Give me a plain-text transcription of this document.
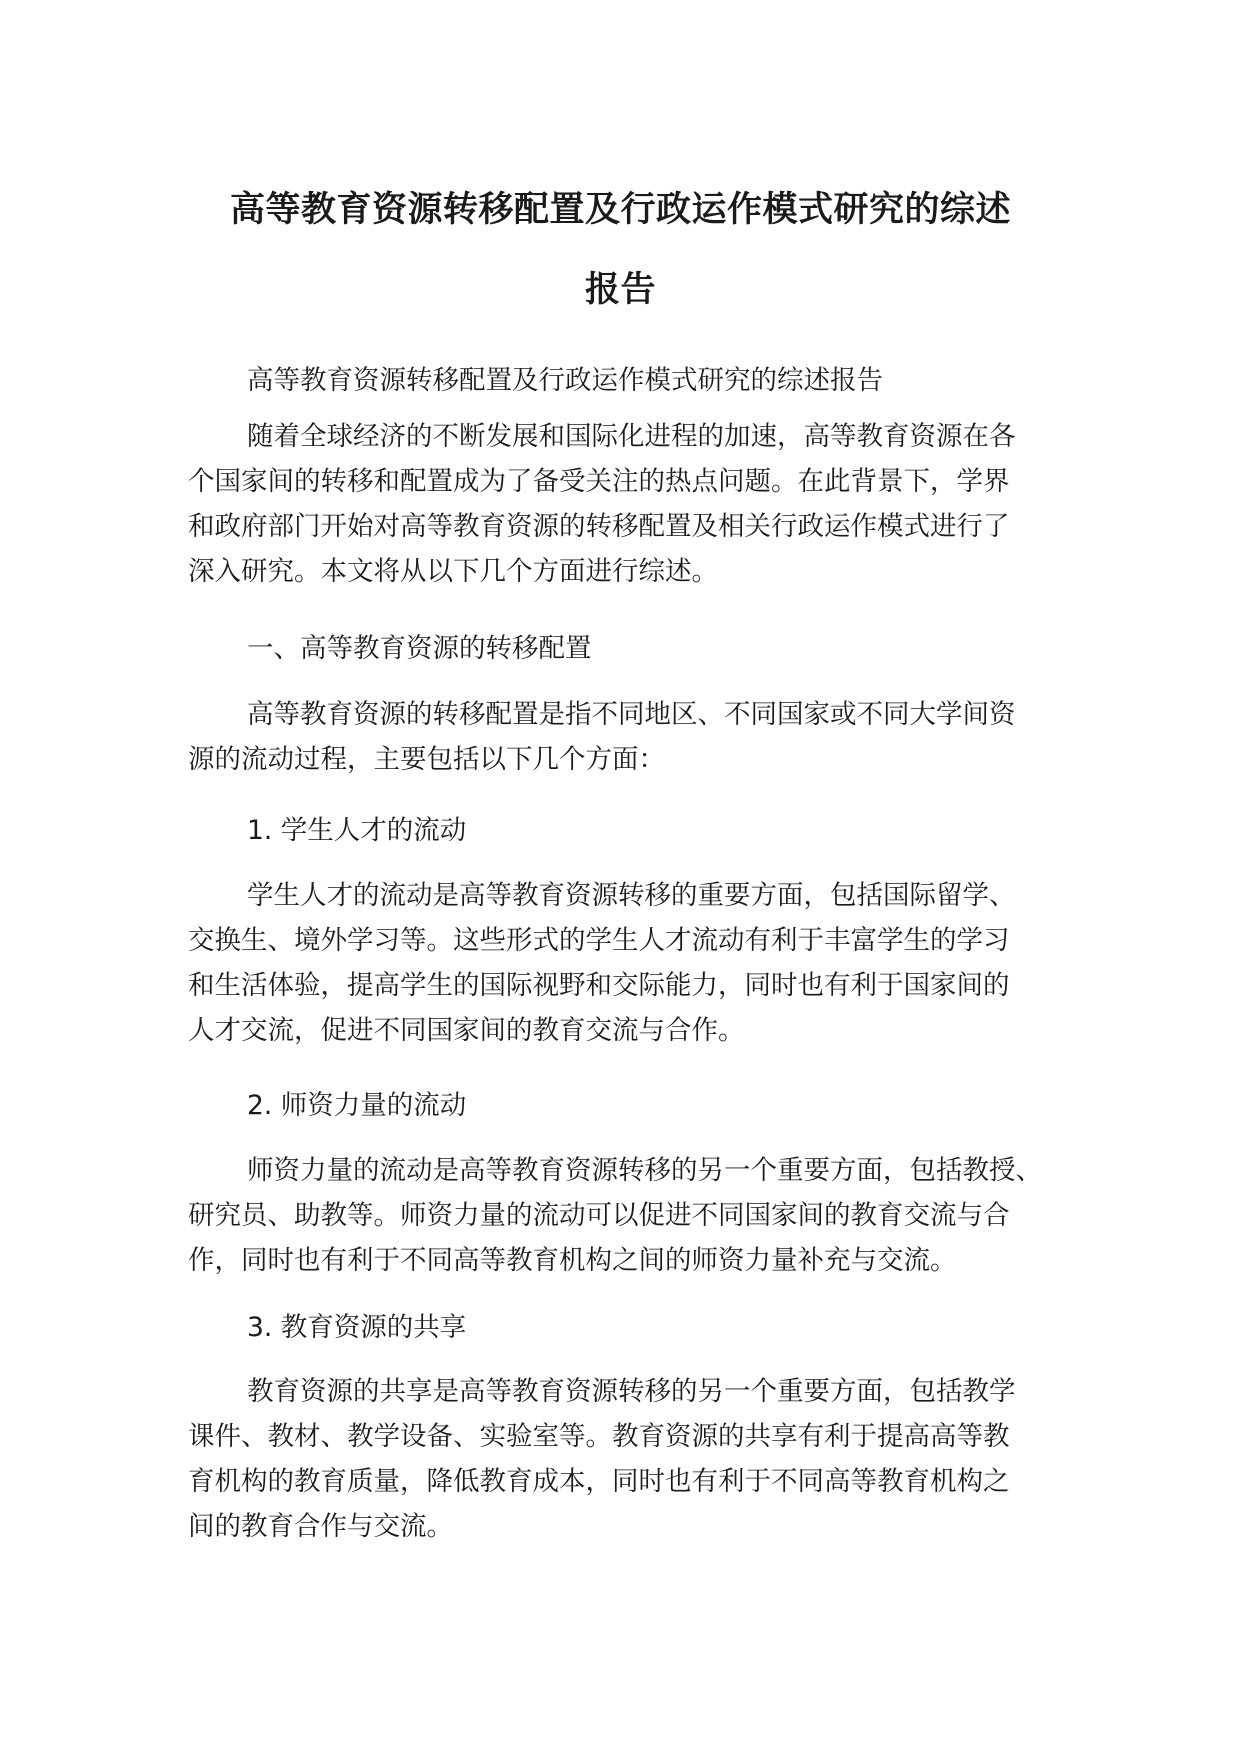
高等教育资源转移配置及行政运作模式研究的综述
报告
高等教育资源转移配置及行政运作模式研究的综述报告
随着全球经济的不断发展和国际化进程的加速，高等教育资源在各
个国家间的转移和配置成为了备受关注的热点问题。在此背景下，学界
和政府部门开始对高等教育资源的转移配置及相关行政运作模式进行了
深入研究。本文将从以下几个方面进行综述。
一、高等教育资源的转移配置
高等教育资源的转移配置是指不同地区、不同国家或不同大学间资
源的流动过程，主要包括以下几个方面：
1. 学生人才的流动
学生人才的流动是高等教育资源转移的重要方面，包括国际留学、
交换生、境外学习等。这些形式的学生人才流动有利于丰富学生的学习
和生活体验，提高学生的国际视野和交际能力，同时也有利于国家间的
人才交流，促进不同国家间的教育交流与合作。
2. 师资力量的流动
师资力量的流动是高等教育资源转移的另一个重要方面，包括教授、
研究员、助教等。师资力量的流动可以促进不同国家间的教育交流与合
作，同时也有利于不同高等教育机构之间的师资力量补充与交流。
3. 教育资源的共享
教育资源的共享是高等教育资源转移的另一个重要方面，包括教学
课件、教材、教学设备、实验室等。教育资源的共享有利于提高高等教
育机构的教育质量，降低教育成本，同时也有利于不同高等教育机构之
间的教育合作与交流。
